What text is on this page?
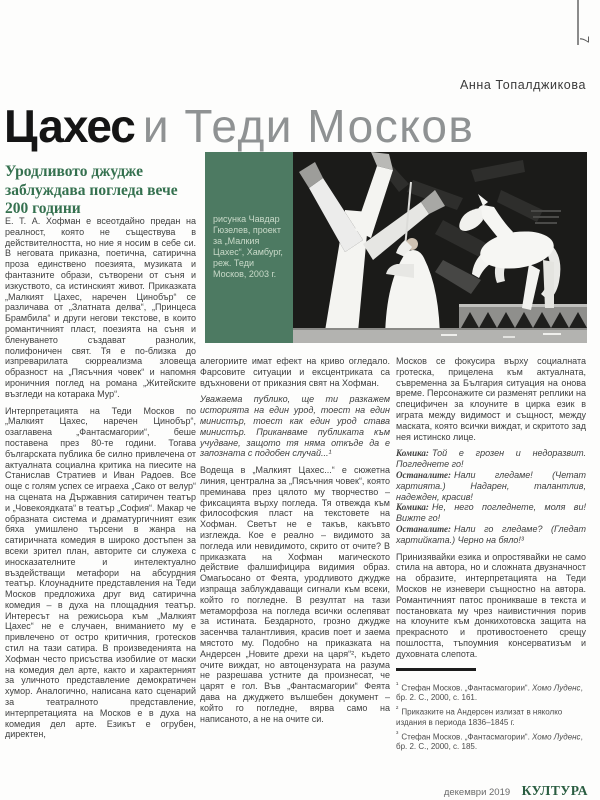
7
Анна Топалджикова
Цахес и Теди Москов
Уродливото джудже заблуждава погледа вече 200 години
рисунка Чавдар Гюзелев, проект за „Малкия Цахес“, Хамбург, реж. Теди Москов, 2003 г.

Е. Т. А. Хофман е всеотдайно предан на реалност, която не съществува в действителността, но ние я носим в себе си. В неговата приказна, поетична, сатирична проза единствено поезията, музиката и фантазните образи, сътворени от съня и изкуството, са истинският живот. Приказката „Малкият Цахес, наречен Цинобър“ се различава от „Златната делва“, „Принцеса Брамбила“ и други негови текстове, в които романтичният пласт, поезията на съня и бленуването създават разнолик, полифоничен свят. Тя е по-близка до изпреварилата сюрреализма зловеща образност на „Пясъчния човек“ и напомня ироничния поглед на романа „Житейските възгледи на котарака Мур“.

Интерпретацията на Теди Москов по „Малкият Цахес, наречен Цинобър“, озаглавена „Фантасмагории“, беше поставена през 80-те години. Тогава българската публика бе силно привлечена от актуалната социална критика на пиесите на Станислав Стратиев и Иван Радоев. Все още с голям успех се играеха „Сако от велур“ на сцената на Държавния сатиричен театър и „Човекоядката“ в театър „София“. Макар че образната система и драматургичният език бяха умишлено търсени в жанра на сатиричната комедия в широко достъпен за всеки зрител план, авторите си служеха с иносказателните и интелектуално въздействащи метафори на абсурдния театър. Клоунадните представления на Теди Москов предложиха друг вид сатирична комедия – в духа на площадния театър. Интересът на режисьора към „Малкият Цахес“ не е случаен, вниманието му е привлечено от остро критичния, гротесков стил на тази сатира. В произведенията на Хофман често присъства изобилие от маски на комедия дел арте, както и характерният за уличното представление демократичен хумор. Аналогично, написана като сценарий за театралното представление, интерпретацията на Москов е в духа на комедия дел арте. Езикът е огрубен, директен,

алегориите имат ефект на криво огледало. Фарсовите ситуации и ексцентриката са вдъхновени от приказния свят на Хофман.

Уважаема публико, ще ти разкажем историята на един урод, тоест на един министър, тоест как един урод става министър. Приканваме публиката към учудване, защото тя няма откъде да е запозната с подобен случай...¹

Водеща в „Малкият Цахес...“ е сюжетна линия, централна за „Пясъчния човек“, която преминава през цялото му творчество – фиксацията върху погледа. Тя отвежда към философския пласт на текстовете на Хофман. Светът не е такъв, какъвто изглежда. Кое е реално – видимото за погледа или невидимото, скрито от очите? В приказката на Хофман магическото действие фалшифицира видимия образ. Омагьосано от Феята, уродливото джудже изпраща заблуждаващи сигнали към всеки, който го погледне. В резултат на тази метаморфоза на погледа всички ослепяват за истината. Бездарното, грозно джудже засенчва талантливия, красив поет и заема мястото му. Подобно на приказката на Андерсен „Новите дрехи на царя“², където очите виждат, но автоцензурата на разума не разрешава устните да произнесат, че царят е гол. Във „Фантасмагории“ Феята дава на джуджето вълшебен документ – който го погледне, вярва само на написаното, а не на очите си.

Москов се фокусира върху социалната гротеска, прицелена към актуалната, съвременна за България ситуация на онова време. Персонажите си разменят реплики на специфичен за клоуните в цирка език в играта между видимост и същност, между маската, която всички виждат, и скритото зад нея истинско лице.

Комика: Той е грозен и недоразвит. Погледнете го!
Останалите: Нали гледаме! (Четат хартията.) Надарен, талантлив, надежден, красив!
Комика: Не, него погледнете, моля ви! Вижте го!
Останалите: Нали го гледаме? (Гледат хартийката.) Черно на бяло!³

Принизявайки езика и опростявайки не само стила на автора, но и сложната двузначност на образите, интерпретацията на Теди Москов не изневери същностно на автора. Романтичният патос проникваше в текста и постановката му чрез наивистичния порив на клоуните към донкихотовска защита на прекрасното и противостоенето срещу пошлостта, тъпоумния консерватизъм и духовната слепота.

$^{^1}$ Стефан Москов. „Фантасмагории“. Хомо Луденс, бр. 2. С., 2000, с. 161.
$^{^2}$ Приказките на Андерсен излизат в няколко издания в периода 1836–1845 г.
$^{^3}$ Стефан Москов. „Фантасмагории“. Хомо Луденс, бр. 2. С., 2000, с. 185.
декември 2019 КУЛТУРА
